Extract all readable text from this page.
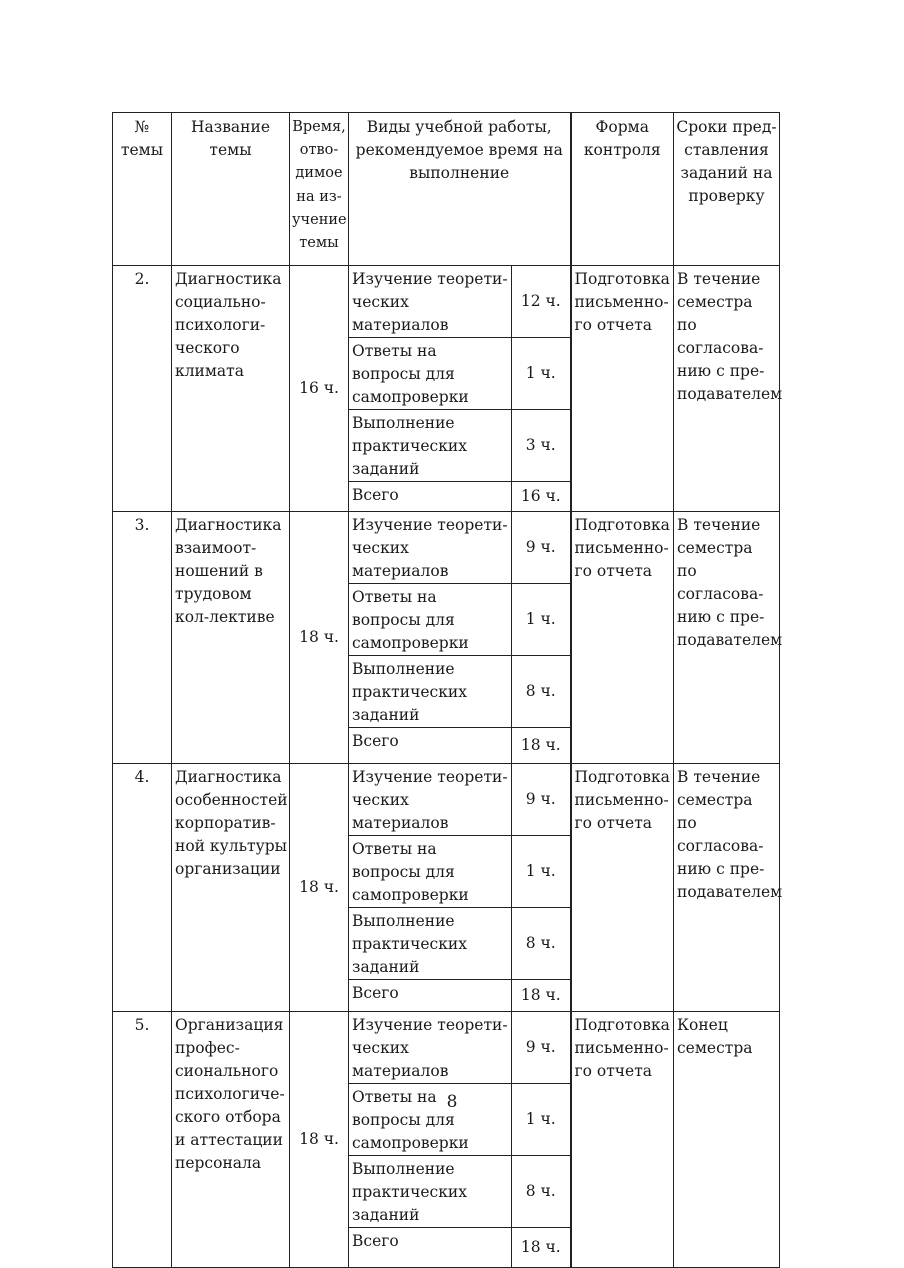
№ темы	Название темы	Время, отво-димое на из-учение темы	Виды учебной работы, рекомендуемое время на выполнение		Форма контроля	Сроки пред-ставления заданий на проверку
2.	Диагностика социально-психологи-ческого климата	16 ч.	Изучение теорети-ческих материалов	12 ч.	Подготовка письменно-го отчета	В течение семестра по согласова-нию с пре-подавателем
			Ответы на вопросы для самопроверки	1 ч.		
			Выполнение практических заданий	3 ч.		
			Всего	16 ч.		
3.	Диагностика взаимоот-ношений в трудовом кол-лективе	18 ч.	Изучение теорети-ческих материалов	9 ч.	Подготовка письменно-го отчета	В течение семестра по согласова-нию с пре-подавателем
			Ответы на вопросы для самопроверки	1 ч.		
			Выполнение практических заданий	8 ч.		
			Всего	18 ч.		
4.	Диагностика особенностей корпоратив-ной культуры организации	18 ч.	Изучение теорети-ческих материалов	9 ч.	Подготовка письменно-го отчета	В течение семестра по согласова-нию с пре-подавателем
			Ответы на вопросы для самопроверки	1 ч.		
			Выполнение практических заданий	8 ч.		
			Всего	18 ч.		
5.	Организация профес-сионального психологиче-ского отбора и аттестации персонала	18 ч.	Изучение теорети-ческих материалов	9 ч.	Подготовка письменно-го отчета	Конец семестра
			Ответы на вопросы для самопроверки	1 ч.		
			Выполнение практических заданий	8 ч.		
			Всего	18 ч.		
8
